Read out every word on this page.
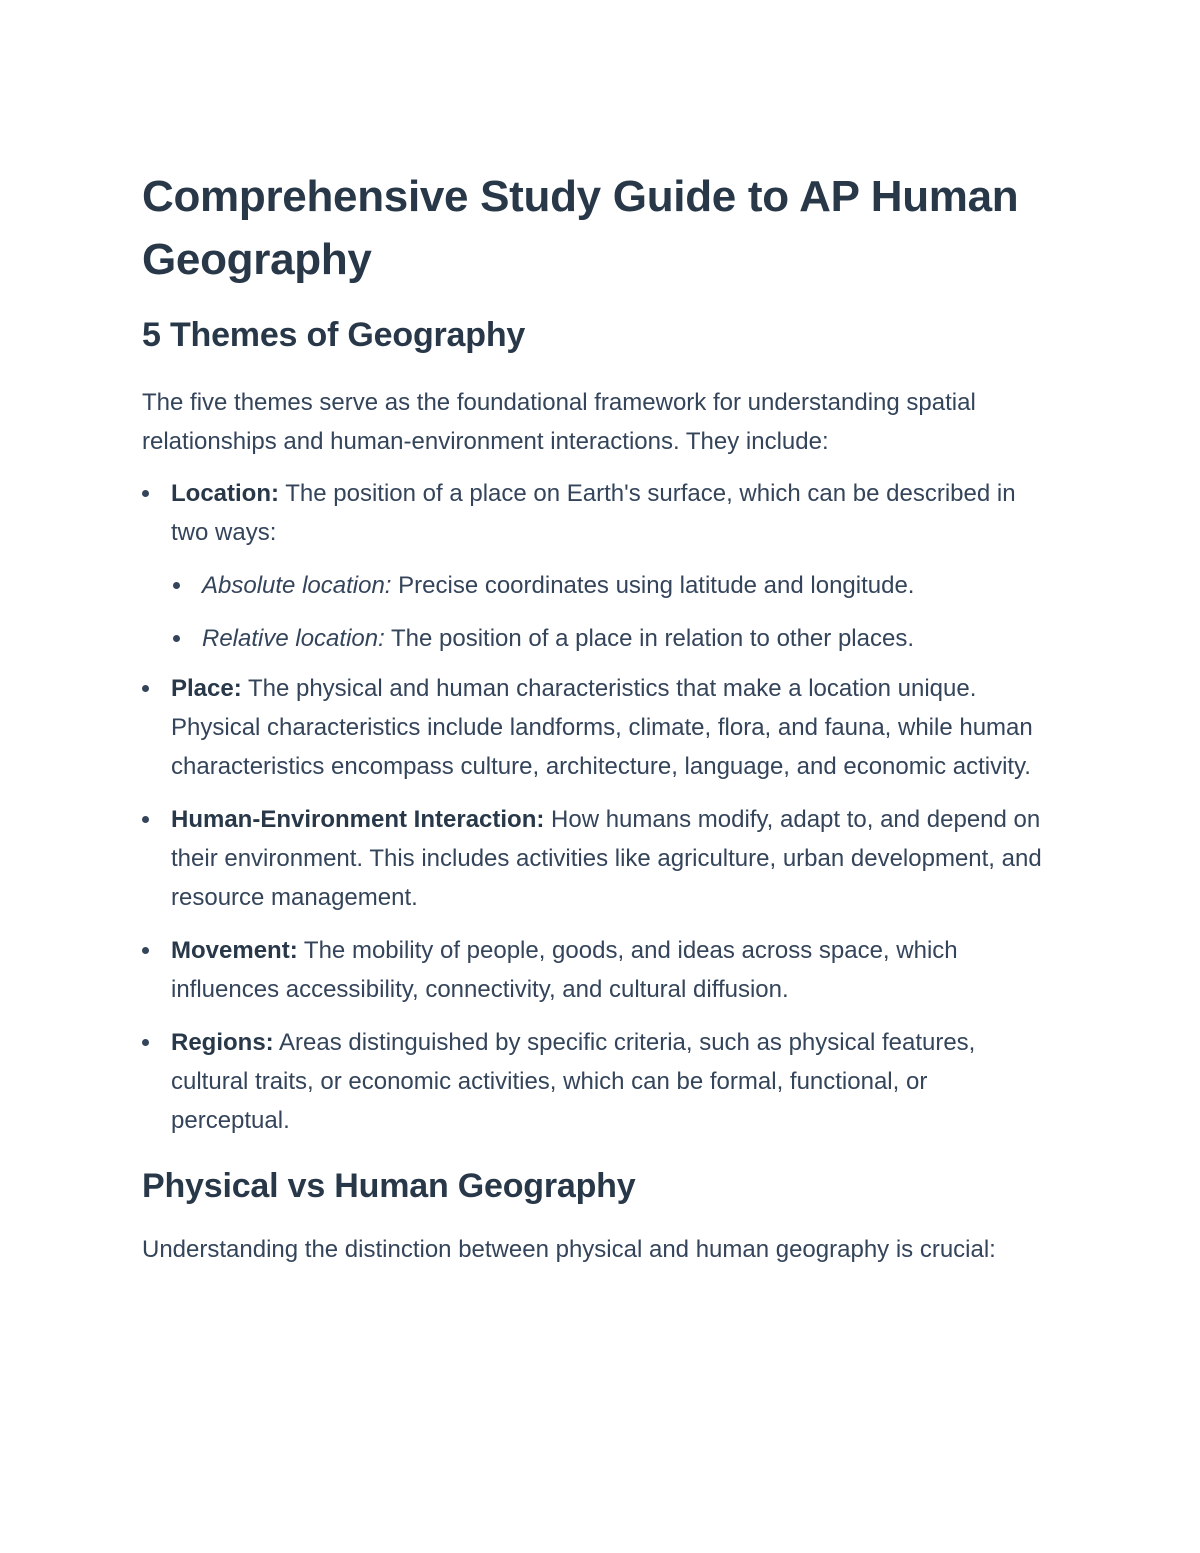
Comprehensive Study Guide to AP Human Geography
5 Themes of Geography

The five themes serve as the foundational framework for understanding spatial relationships and human-environment interactions. They include:

Location: The position of a place on Earth's surface, which can be described in two ways:
Absolute location: Precise coordinates using latitude and longitude.
Relative location: The position of a place in relation to other places.
Place: The physical and human characteristics that make a location unique. Physical characteristics include landforms, climate, flora, and fauna, while human characteristics encompass culture, architecture, language, and economic activity.
Human-Environment Interaction: How humans modify, adapt to, and depend on their environment. This includes activities like agriculture, urban development, and resource management.
Movement: The mobility of people, goods, and ideas across space, which influences accessibility, connectivity, and cultural diffusion.
Regions: Areas distinguished by specific criteria, such as physical features, cultural traits, or economic activities, which can be formal, functional, or perceptual.
Physical vs Human Geography

Understanding the distinction between physical and human geography is crucial:
